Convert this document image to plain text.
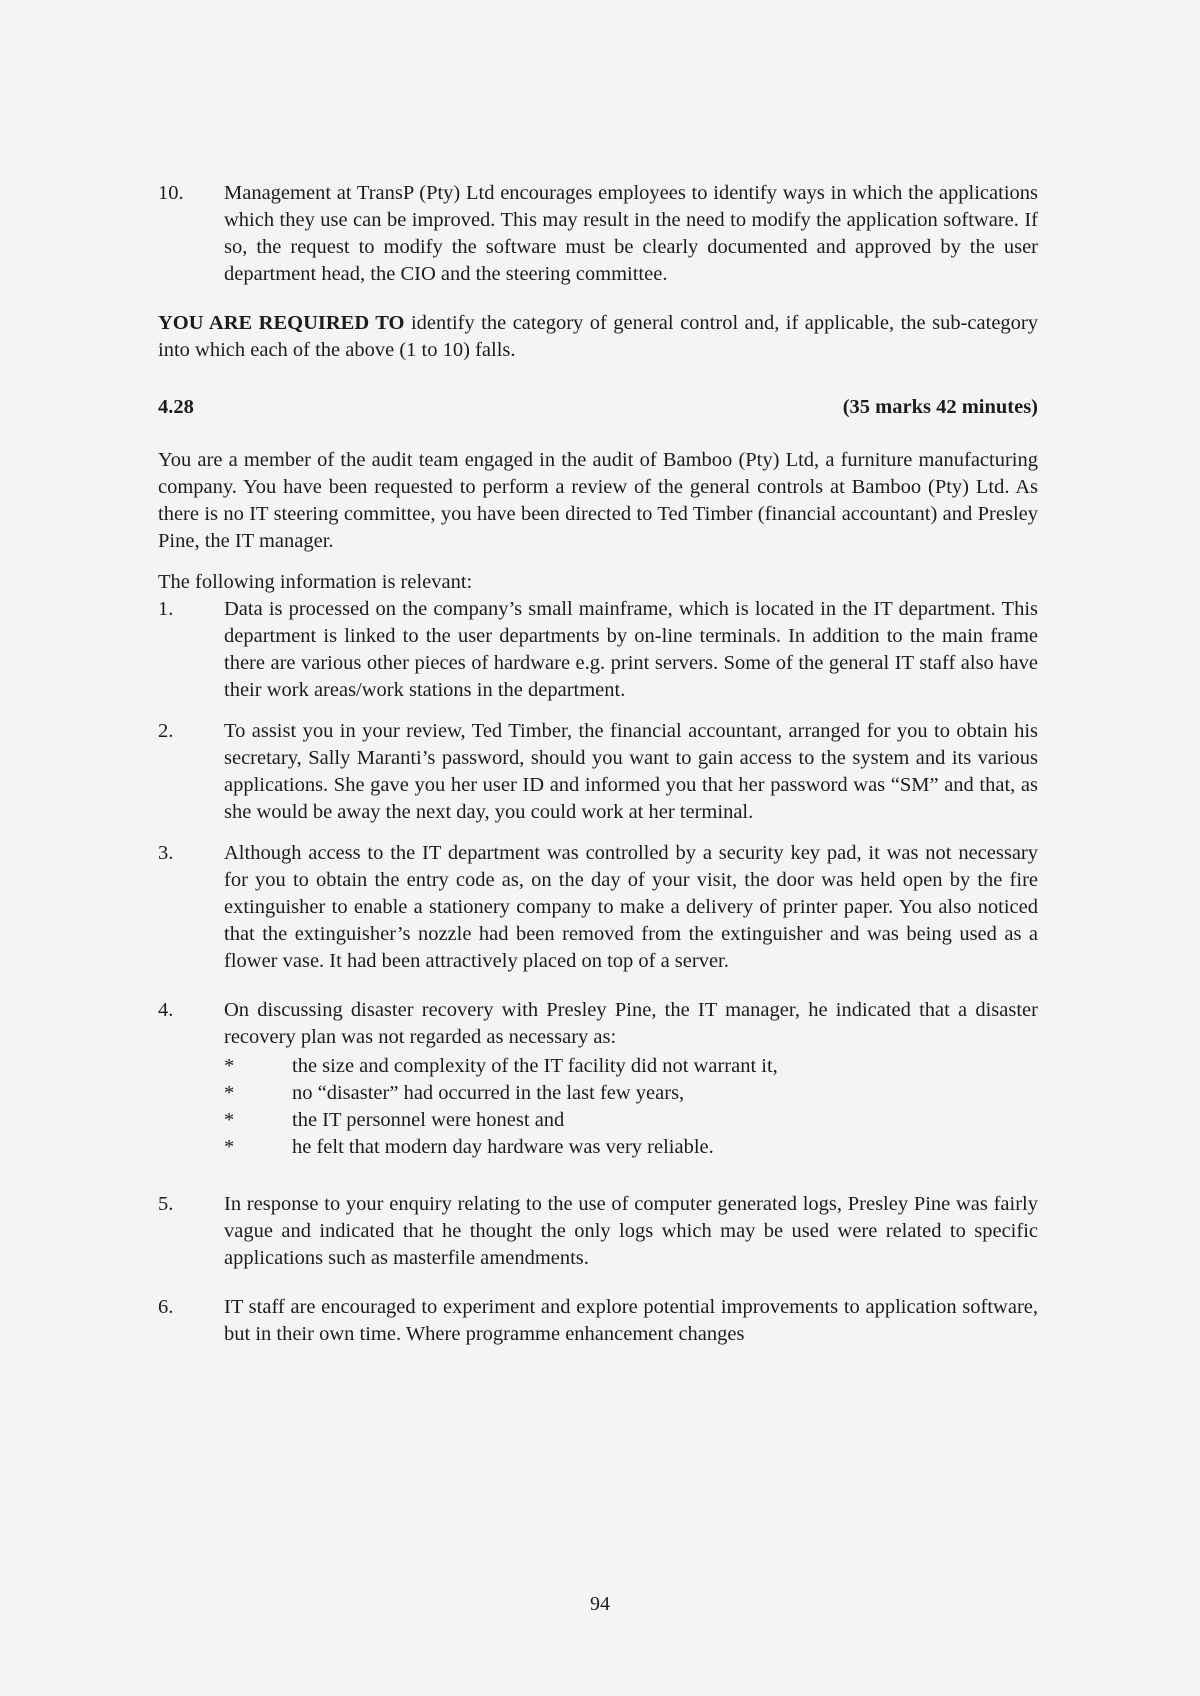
10.	Management at TransP (Pty) Ltd encourages employees to identify ways in which the applications which they use can be improved. This may result in the need to modify the application software. If so, the request to modify the software must be clearly documented and approved by the user department head, the CIO and the steering committee.
YOU ARE REQUIRED TO identify the category of general control and, if applicable, the sub-category into which each of the above (1 to 10) falls.
4.28	(35 marks 42 minutes)
You are a member of the audit team engaged in the audit of Bamboo (Pty) Ltd, a furniture manufacturing company. You have been requested to perform a review of the general controls at Bamboo (Pty) Ltd. As there is no IT steering committee, you have been directed to Ted Timber (financial accountant) and Presley Pine, the IT manager.
The following information is relevant:
1.	Data is processed on the company’s small mainframe, which is located in the IT department. This department is linked to the user departments by on-line terminals. In addition to the main frame there are various other pieces of hardware e.g. print servers. Some of the general IT staff also have their work areas/work stations in the department.
2.	To assist you in your review, Ted Timber, the financial accountant, arranged for you to obtain his secretary, Sally Maranti’s password, should you want to gain access to the system and its various applications. She gave you her user ID and informed you that her password was “SM” and that, as she would be away the next day, you could work at her terminal.
3.	Although access to the IT department was controlled by a security key pad, it was not necessary for you to obtain the entry code as, on the day of your visit, the door was held open by the fire extinguisher to enable a stationery company to make a delivery of printer paper. You also noticed that the extinguisher’s nozzle had been removed from the extinguisher and was being used as a flower vase. It had been attractively placed on top of a server.
4.	On discussing disaster recovery with Presley Pine, the IT manager, he indicated that a disaster recovery plan was not regarded as necessary as:
*	the size and complexity of the IT facility did not warrant it,
*	no “disaster” had occurred in the last few years,
*	the IT personnel were honest and
*	he felt that modern day hardware was very reliable.
5.	In response to your enquiry relating to the use of computer generated logs, Presley Pine was fairly vague and indicated that he thought the only logs which may be used were related to specific applications such as masterfile amendments.
6.	IT staff are encouraged to experiment and explore potential improvements to application software, but in their own time. Where programme enhancement changes
94
